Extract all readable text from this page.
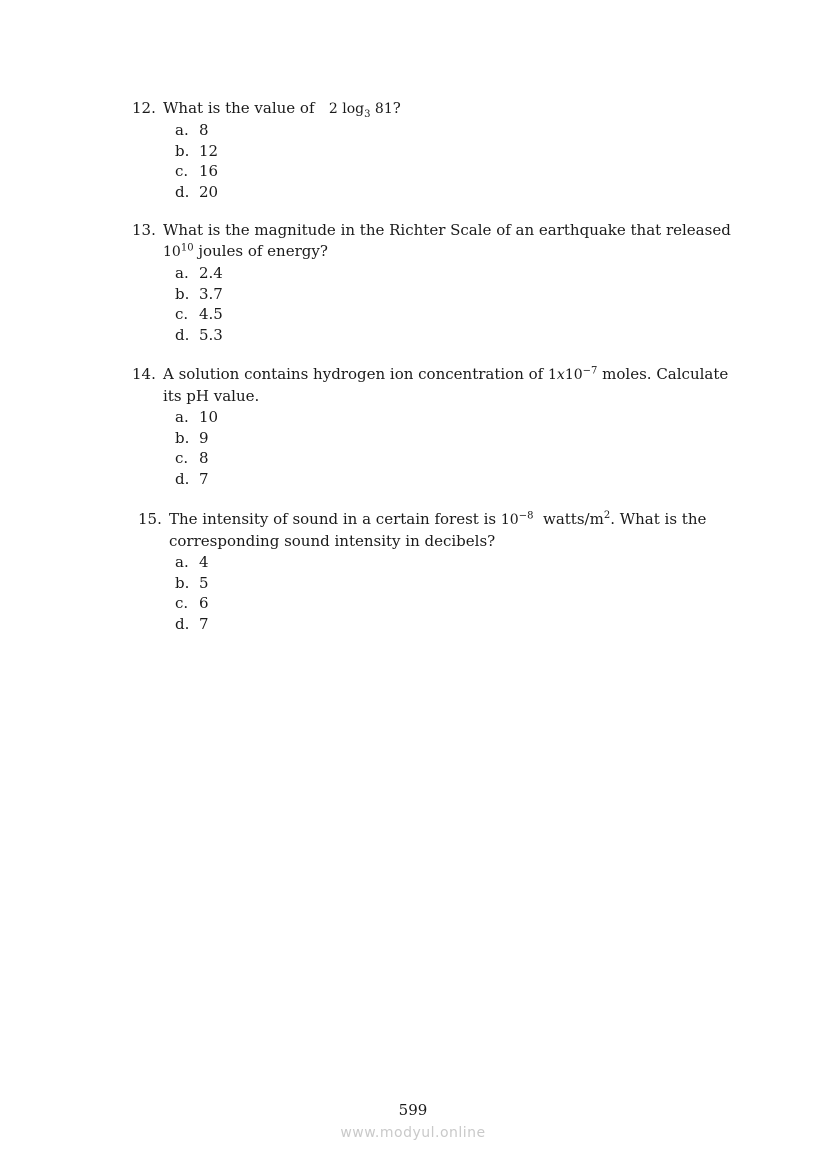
12. What is the value of 2 $\log_3 81$?
a. 8
b. 12
c. 16
d. 20
13. What is the magnitude in the Richter Scale of an earthquake that released
$10^{10}$ joules of energy?
a. 2.4
b. 3.7
c. 4.5
d. 5.3
14. A solution contains hydrogen ion concentration of $1x10^{-7}$ moles. Calculate
its pH value.
a. 10
b. 9
c. 8
d. 7
15. The intensity of sound in a certain forest is $10^{-8}$ watts/$m^2$. What is the
corresponding sound intensity in decibels?
a. 4
b. 5
c. 6
d. 7
599
www.modyul.online
